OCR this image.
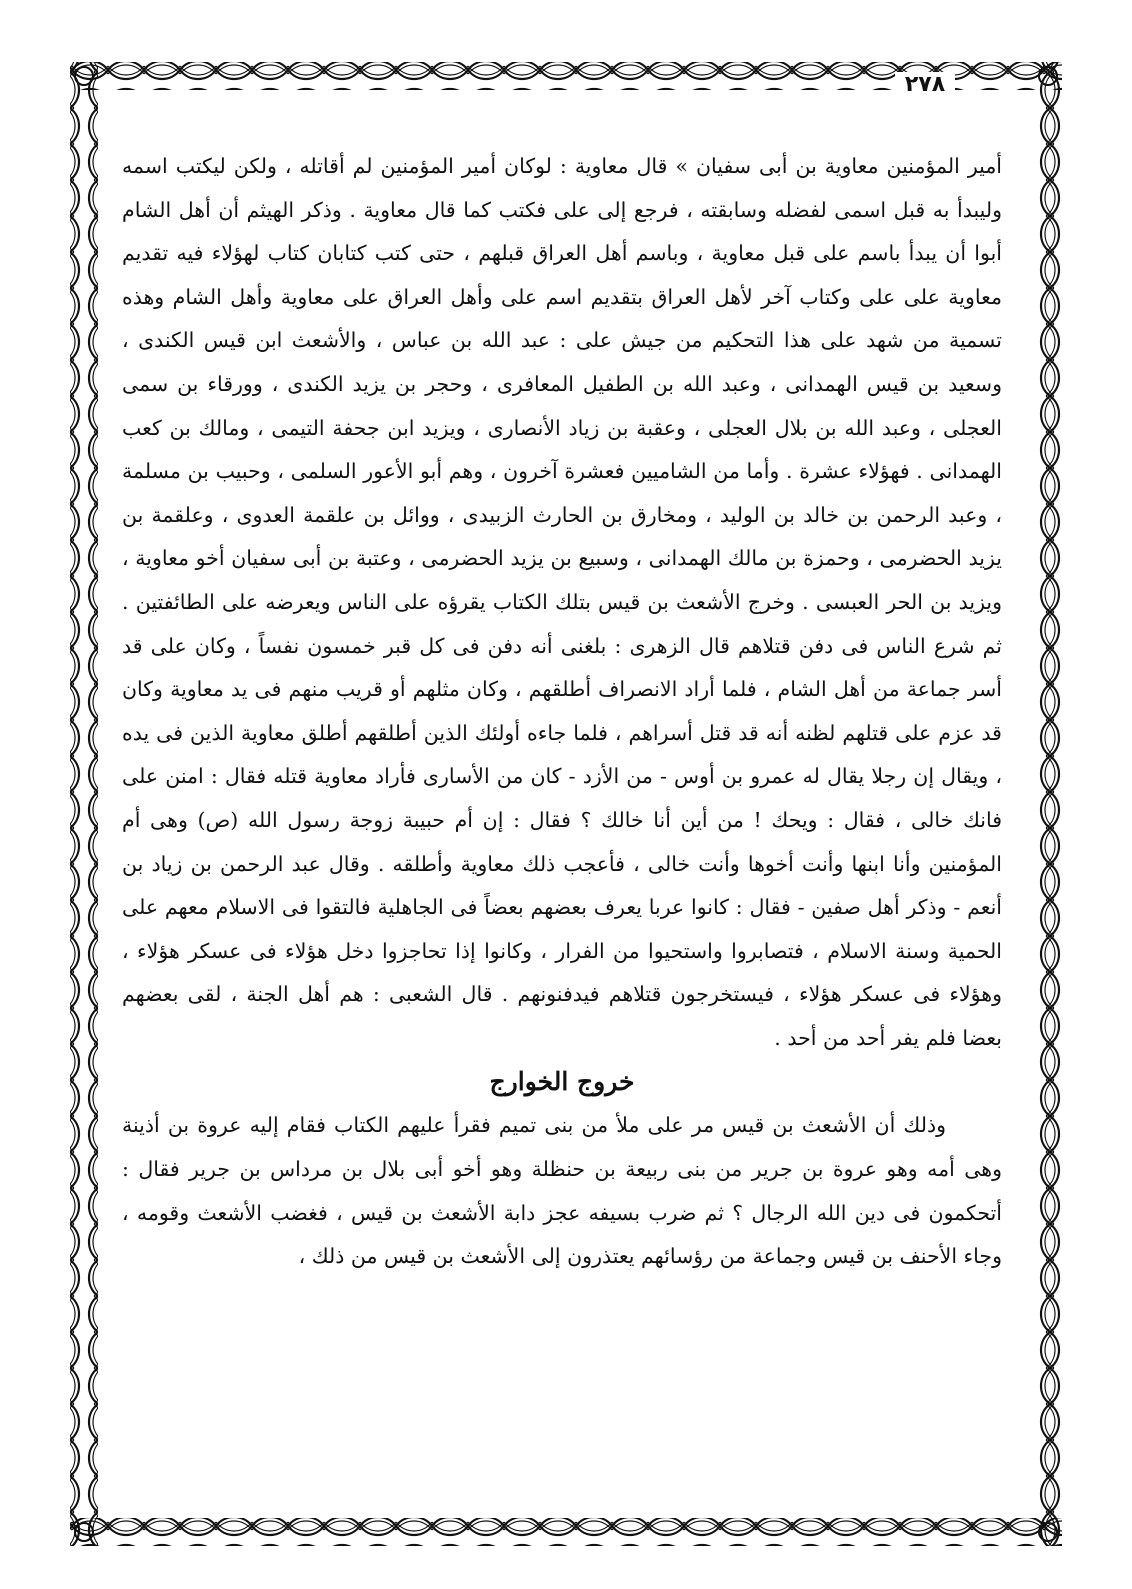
٢٧٨

أمير المؤمنين معاوية بن أبى سفيان » قال معاوية : لوكان أمير المؤمنين لم أقاتله ، ولكن ليكتب اسمه وليبدأ به قبل اسمى لفضله وسابقته ، فرجع إلى على فكتب كما قال معاوية . وذكر الهيثم أن أهل الشام أبوا أن يبدأ باسم على قبل معاوية ، وباسم أهل العراق قبلهم ، حتى كتب كتابان كتاب لهؤلاء فيه تقديم معاوية على على وكتاب آخر لأهل العراق بتقديم اسم على وأهل العراق على معاوية وأهل الشام وهذه تسمية من شهد على هذا التحكيم من جيش على : عبد الله بن عباس ، والأشعث ابن قيس الكندى ، وسعيد بن قيس الهمدانى ، وعبد الله بن الطفيل المعافرى ، وحجر بن يزيد الكندى ، وورقاء بن سمى العجلى ، وعبد الله بن بلال العجلى ، وعقبة بن زياد الأنصارى ، ويزيد ابن جحفة التيمى ، ومالك بن كعب الهمدانى . فهؤلاء عشرة . وأما من الشاميين فعشرة آخرون ، وهم أبو الأعور السلمى ، وحبيب بن مسلمة ، وعبد الرحمن بن خالد بن الوليد ، ومخارق بن الحارث الزبيدى ، ووائل بن علقمة العدوى ، وعلقمة بن يزيد الحضرمى ، وحمزة بن مالك الهمدانى ، وسبيع بن يزيد الحضرمى ، وعتبة بن أبى سفيان أخو معاوية ، ويزيد بن الحر العبسى . وخرج الأشعث بن قيس بتلك الكتاب يقرؤه على الناس ويعرضه على الطائفتين . ثم شرع الناس فى دفن قتلاهم قال الزهرى : بلغنى أنه دفن فى كل قبر خمسون نفساً ، وكان على قد أسر جماعة من أهل الشام ، فلما أراد الانصراف أطلقهم ، وكان مثلهم أو قريب منهم فى يد معاوية وكان قد عزم على قتلهم لظنه أنه قد قتل أسراهم ، فلما جاءه أولئك الذين أطلقهم أطلق معاوية الذين فى يده ، ويقال إن رجلا يقال له عمرو بن أوس - من الأزد - كان من الأسارى فأراد معاوية قتله فقال : امنن على فانك خالى ، فقال : ويحك ! من أين أنا خالك ؟ فقال : إن أم حبيبة زوجة رسول الله (ص) وهى أم المؤمنين وأنا ابنها وأنت أخوها وأنت خالى ، فأعجب ذلك معاوية وأطلقه . وقال عبد الرحمن بن زياد بن أنعم - وذكر أهل صفين - فقال : كانوا عربا يعرف بعضهم بعضاً فى الجاهلية فالتقوا فى الاسلام معهم على الحمية وسنة الاسلام ، فتصابروا واستحيوا من الفرار ، وكانوا إذا تحاجزوا دخل هؤلاء فى عسكر هؤلاء ، وهؤلاء فى عسكر هؤلاء ، فيستخرجون قتلاهم فيدفنونهم . قال الشعبى : هم أهل الجنة ، لقى بعضهم بعضا فلم يفر أحد من أحد .

خروج الخوارج

وذلك أن الأشعث بن قيس مر على ملأ من بنى تميم فقرأ عليهم الكتاب فقام إليه عروة بن أذينة وهى أمه وهو عروة بن جرير من بنى ربيعة بن حنظلة وهو أخو أبى بلال بن مرداس بن جرير فقال : أتحكمون فى دين الله الرجال ؟ ثم ضرب بسيفه عجز دابة الأشعث بن قيس ، فغضب الأشعث وقومه ، وجاء الأحنف بن قيس وجماعة من رؤسائهم يعتذرون إلى الأشعث بن قيس من ذلك ،
